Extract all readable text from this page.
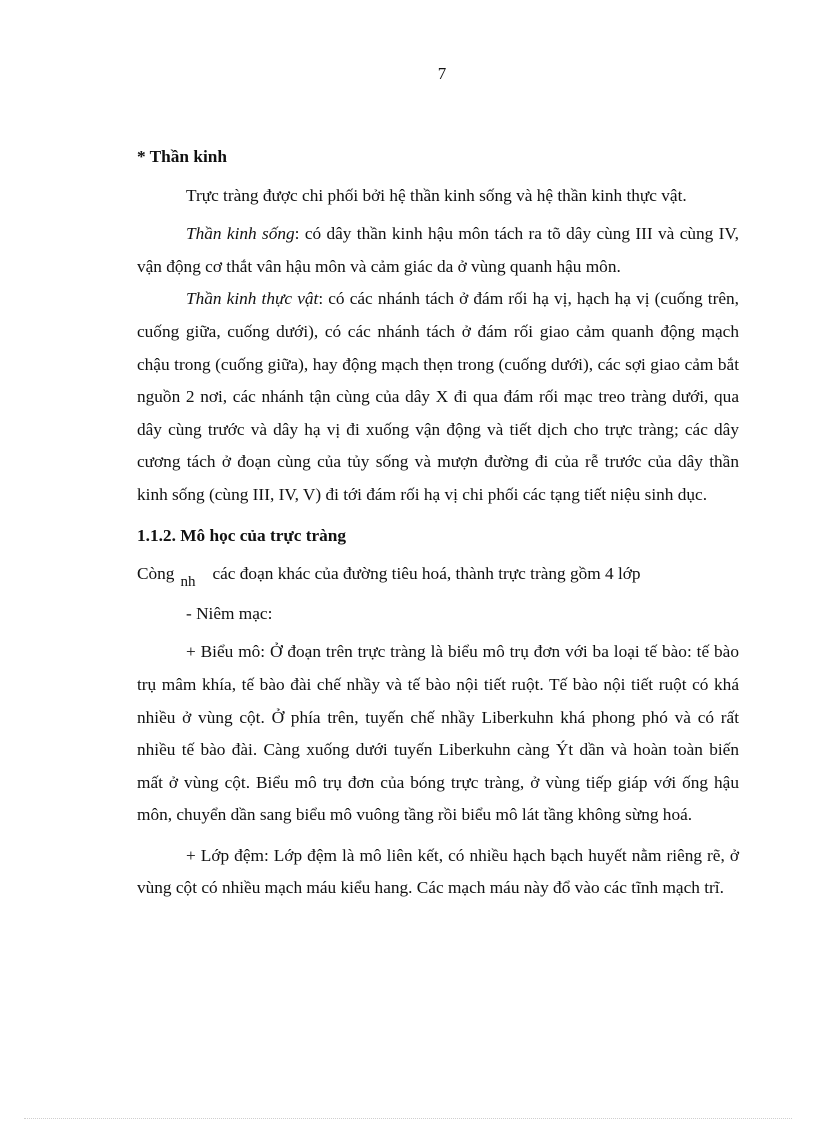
7

* Thần kinh

Trực tràng được chi phối bởi hệ thần kinh sống và hệ thần kinh thực vật.

Thần kinh sống: có dây thần kinh hậu môn tách ra tõ dây cùng III và cùng IV, vận động cơ thắt vân hậu môn và cảm giác da ở vùng quanh hậu môn.

Thần kinh thực vật: có các nhánh tách ở đám rối hạ vị, hạch hạ vị (cuống trên, cuống giữa, cuống dưới), có các nhánh tách ở đám rối giao cảm quanh động mạch chậu trong (cuống giữa), hay động mạch thẹn trong (cuống dưới), các sợi giao cảm bắt nguồn 2 nơi, các nhánh tận cùng của dây X đi qua đám rối mạc treo tràng dưới, qua dây cùng trước và dây hạ vị đi xuống vận động và tiết dịch cho trực tràng; các dây cương tách ở đoạn cùng của tủy sống và mượn đường đi của rễ trước của dây thần kinh sống (cùng III, IV, V) đi tới đám rối hạ vị chi phối các tạng tiết niệu sinh dục.

1.1.2. Mô học của trực tràng

Còng nh các đoạn khác của đường tiêu hoá, thành trực tràng gồm 4 lớp

- Niêm mạc:

+ Biểu mô: Ở đoạn trên trực tràng là biểu mô trụ đơn với ba loại tế bào: tế bào trụ mâm khía, tế bào đài chế nhầy và tế bào nội tiết ruột. Tế bào nội tiết ruột có khá nhiều ở vùng cột. Ở phía trên, tuyến chế nhầy Liberkuhn khá phong phó và có rất nhiều tế bào đài. Càng xuống dưới tuyến Liberkuhn càng Ýt dần và hoàn toàn biến mất ở vùng cột. Biểu mô trụ đơn của bóng trực tràng, ở vùng tiếp giáp với ống hậu môn, chuyển dần sang biểu mô vuông tầng rồi biểu mô lát tầng không sừng hoá.

+ Lớp đệm: Lớp đệm là mô liên kết, có nhiều hạch bạch huyết nằm riêng rẽ, ở vùng cột có nhiều mạch máu kiểu hang. Các mạch máu này đổ vào các tĩnh mạch trĩ.
